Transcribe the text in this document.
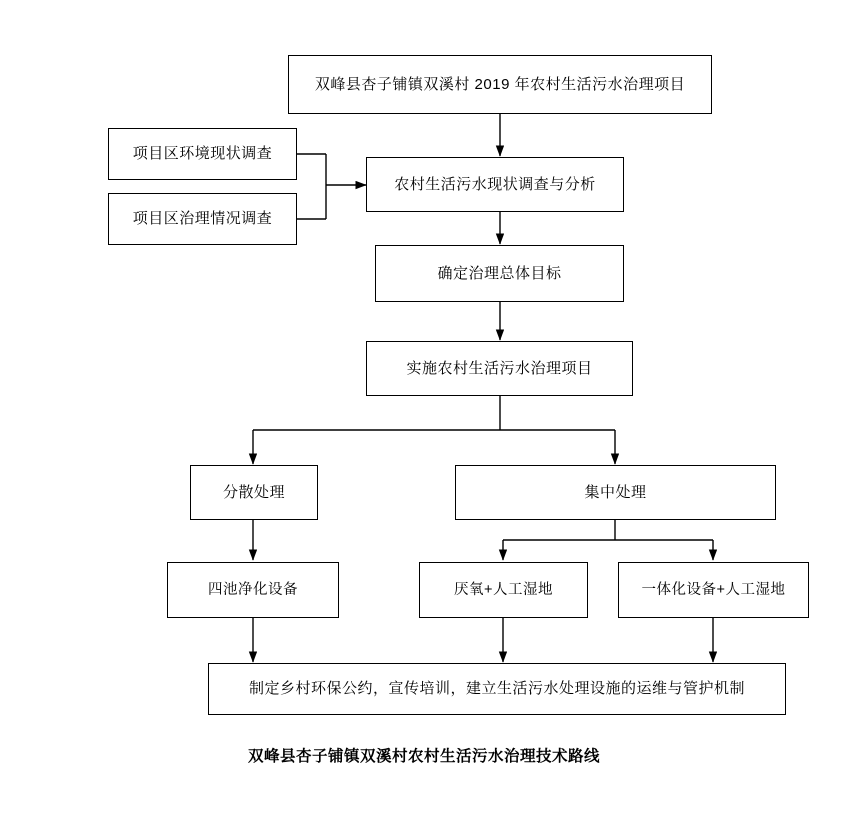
双峰县杏子铺镇双溪村 2019 年农村生活污水治理项目
项目区环境现状调查
项目区治理情况调查
农村生活污水现状调查与分析
确定治理总体目标
实施农村生活污水治理项目
分散处理	集中处理
四池净化设备	厌氧+人工湿地	一体化设备+人工湿地
制定乡村环保公约，宣传培训，建立生活污水处理设施的运维与管护机制
双峰县杏子铺镇双溪村农村生活污水治理技术路线
